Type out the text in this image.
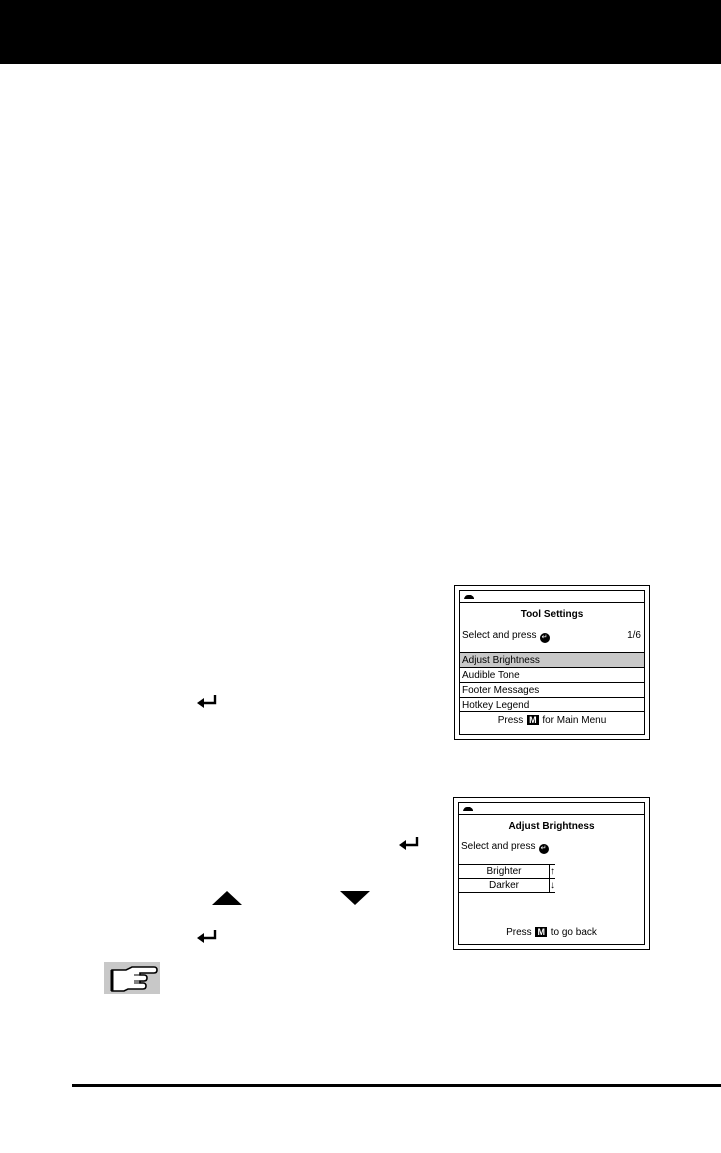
Tool Settings
Select and press ↵	1/6
Adjust Brightness
Audible Tone
Footer Messages
Hotkey Legend
Press M for Main Menu
Adjust Brightness
Select and press ↵
Brighter	↑
Darker	↓
Press M to go back
